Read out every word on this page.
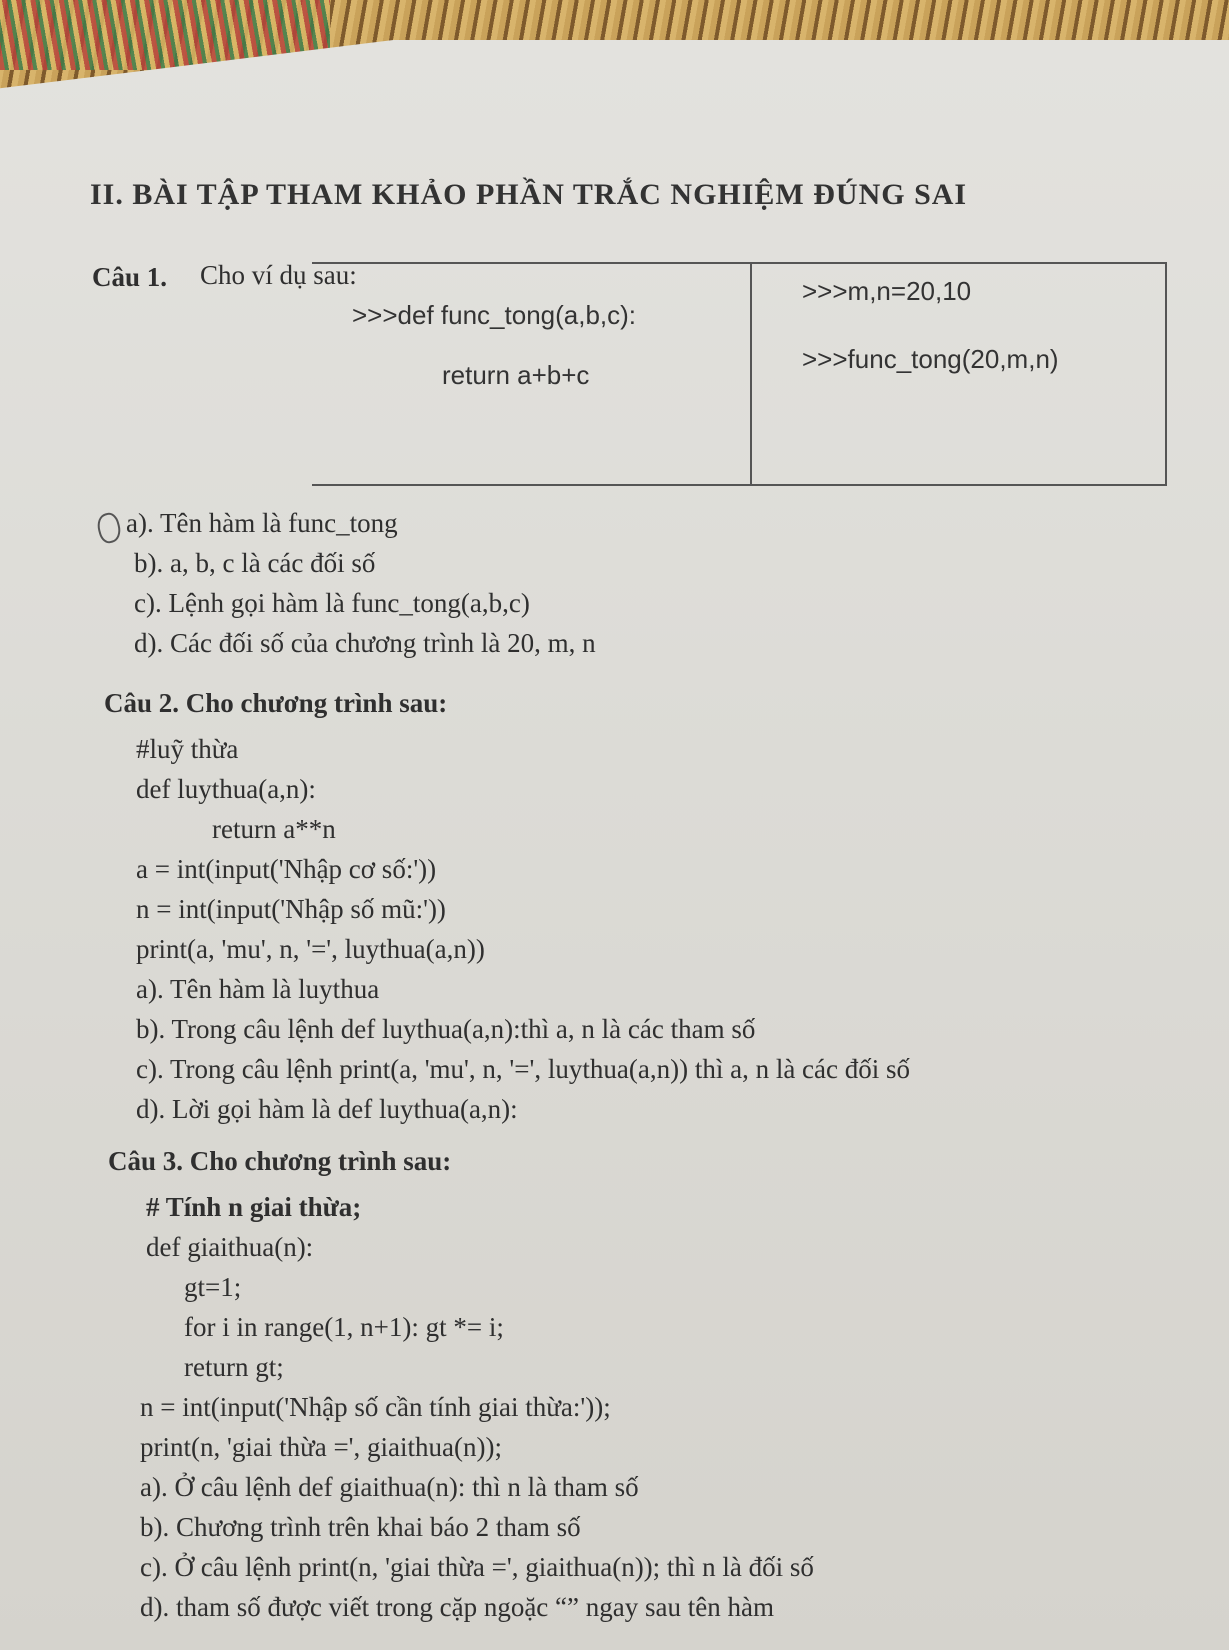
II. BÀI TẬP THAM KHẢO PHẦN TRẮC NGHIỆM ĐÚNG SAI
Câu 1. Cho ví dụ sau:
>>>def func_tong(a,b,c):
return a+b+c
>>>m,n=20,10
>>>func_tong(20,m,n)
a). Tên hàm là func_tong
b). a, b, c là các đối số
c). Lệnh gọi hàm là func_tong(a,b,c)
d). Các đối số của chương trình là 20, m, n
Câu 2. Cho chương trình sau:
#luỹ thừa
def luythua(a,n):
return a**n
a = int(input('Nhập cơ số:'))
n = int(input('Nhập số mũ:'))
print(a, 'mu', n, '=', luythua(a,n))
a). Tên hàm là luythua
b). Trong câu lệnh def luythua(a,n):thì a, n là các tham số
c). Trong câu lệnh print(a, 'mu', n, '=', luythua(a,n)) thì a, n là các đối số
d). Lời gọi hàm là def luythua(a,n):
Câu 3. Cho chương trình sau:
# Tính n giai thừa;
def giaithua(n):
gt=1;
for i in range(1, n+1): gt *= i;
return gt;
n = int(input('Nhập số cần tính giai thừa:'));
print(n, 'giai thừa =', giaithua(n));
a). Ở câu lệnh def giaithua(n): thì n là tham số
b). Chương trình trên khai báo 2 tham số
c). Ở câu lệnh print(n, 'giai thừa =', giaithua(n)); thì n là đối số
d). tham số được viết trong cặp ngoặc “” ngay sau tên hàm
